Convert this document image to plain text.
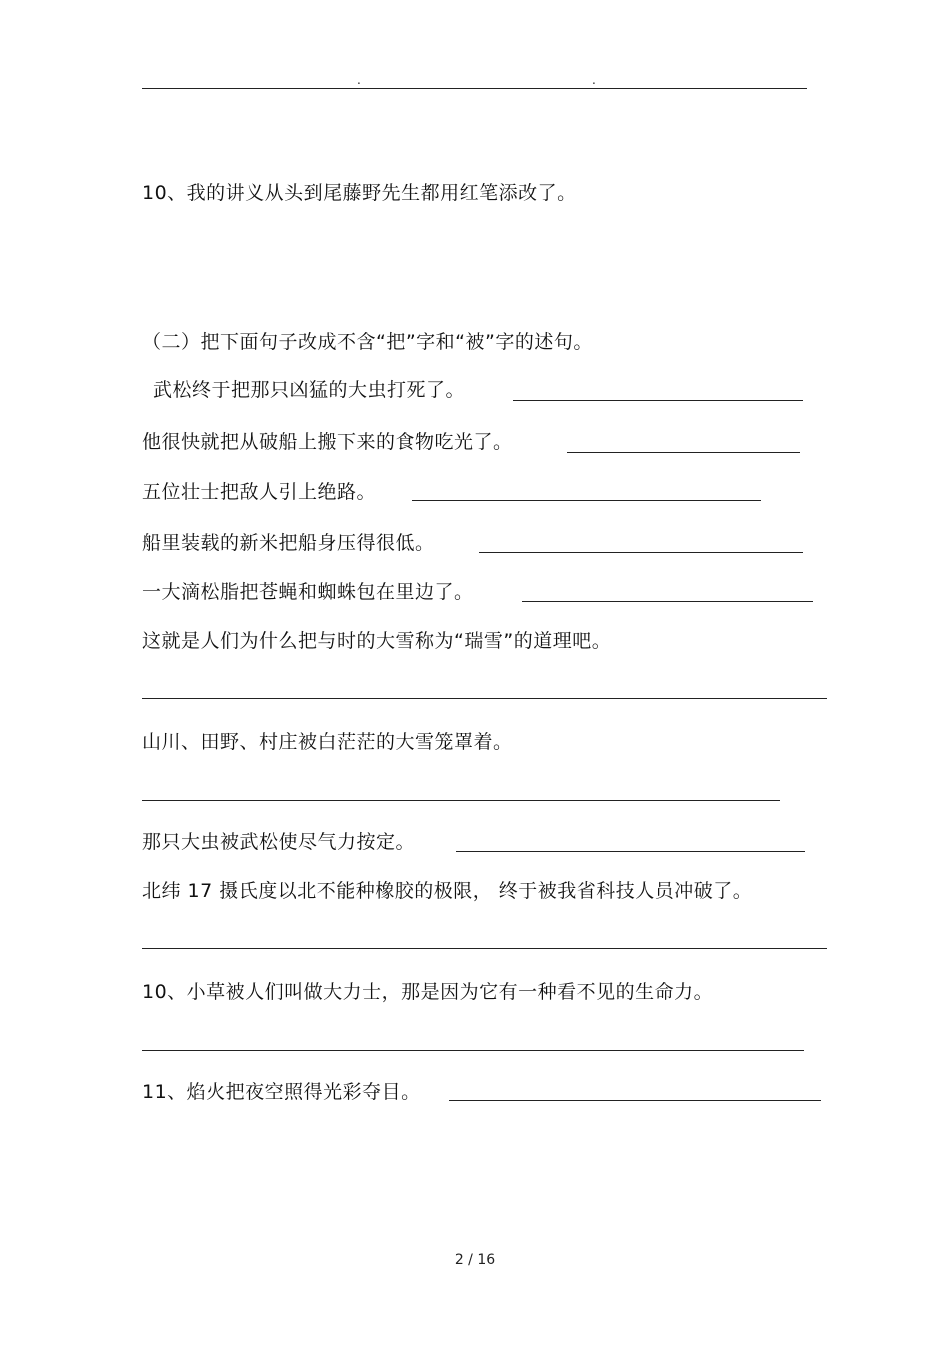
.	.
10、我的讲义从头到尾藤野先生都用红笔添改了。
（二）把下面句子改成不含“把”字和“被”字的述句。
武松终于把那只凶猛的大虫打死了。
他很快就把从破船上搬下来的食物吃光了。
五位壮士把敌人引上绝路。
船里装载的新米把船身压得很低。
一大滴松脂把苍蝇和蜘蛛包在里边了。
这就是人们为什么把与时的大雪称为“瑞雪”的道理吧。
山川、田野、村庄被白茫茫的大雪笼罩着。
那只大虫被武松使尽气力按定。
北纬 17 摄氏度以北不能种橡胶的极限， 终于被我省科技人员冲破了。
10、小草被人们叫做大力士，那是因为它有一种看不见的生命力。
11、焰火把夜空照得光彩夺目。
2 / 16
